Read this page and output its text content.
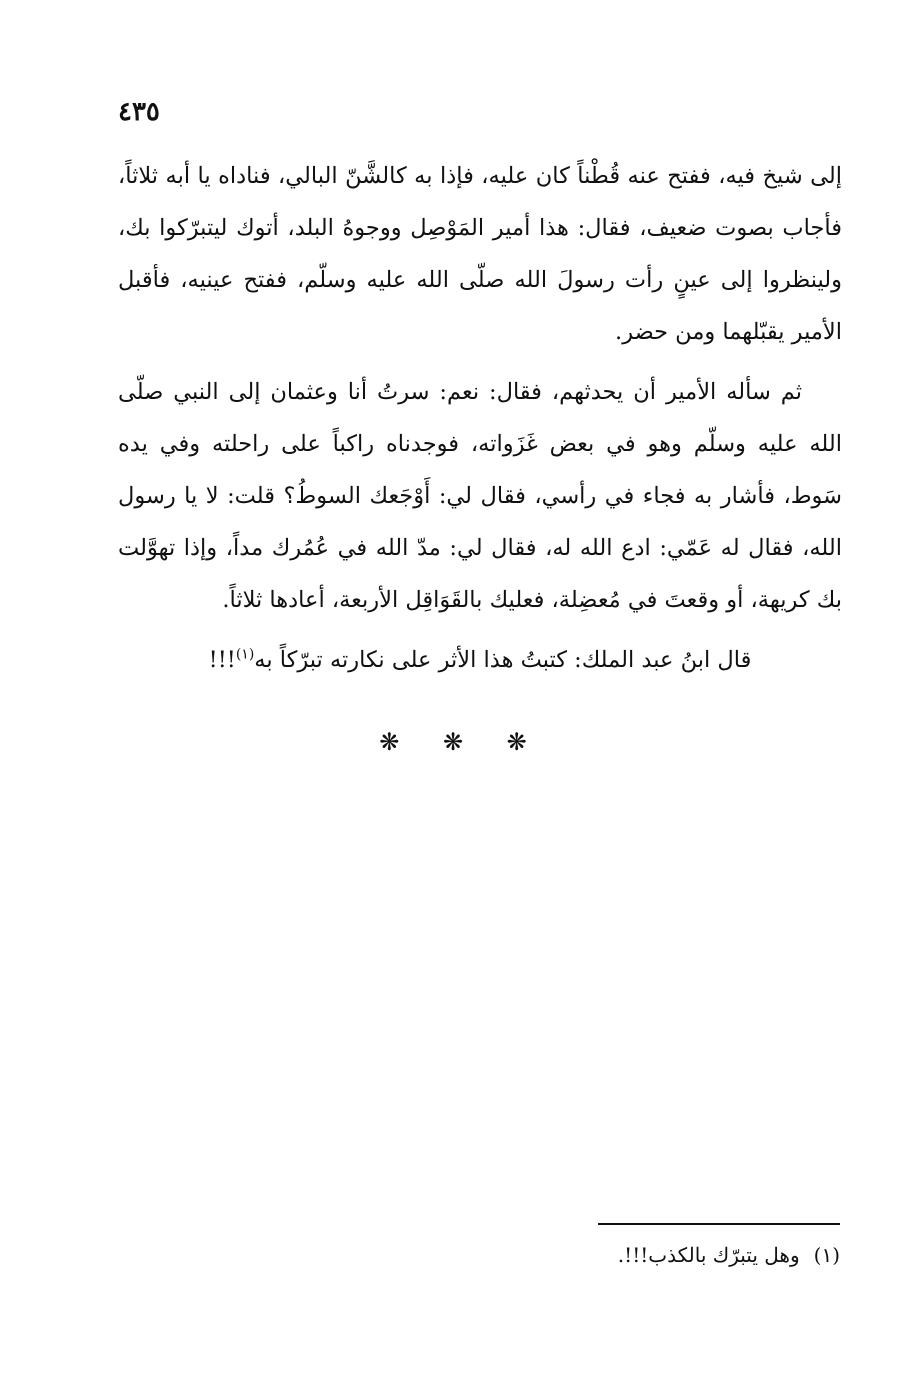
٤٣٥

إلى شيخ فيه، ففتح عنه قُطْناً كان عليه، فإذا به كالشَّنّ البالي، فناداه يا أبه ثلاثاً، فأجاب بصوت ضعيف، فقال: هذا أمير المَوْصِل ووجوهُ البلد، أتوك ليتبرّكوا بك، ولينظروا إلى عينٍ رأت رسولَ الله صلّى الله عليه وسلّم، ففتح عينيه، فأقبل الأمير يقبّلهما ومن حضر.

ثم سأله الأمير أن يحدثهم، فقال: نعم: سرتُ أنا وعثمان إلى النبي صلّى الله عليه وسلّم وهو في بعض غَزَواته، فوجدناه راكباً على راحلته وفي يده سَوط، فأشار به فجاء في رأسي، فقال لي: أَوْجَعك السوطُ؟ قلت: لا يا رسول الله، فقال له عَمّي: ادع الله له، فقال لي: مدّ الله في عُمُرك مداً، وإذا تهوَّلت بك كريهة، أو وقعتَ في مُعضِلة، فعليك بالقَوَاقِل الأربعة، أعادها ثلاثاً.

قال ابنُ عبد الملك: كتبتُ هذا الأثر على نكارته تبرّكاً به$^{(١)}$!!!

❋ ❋ ❋
(١)وهل يتبرّك بالكذب!!!.
